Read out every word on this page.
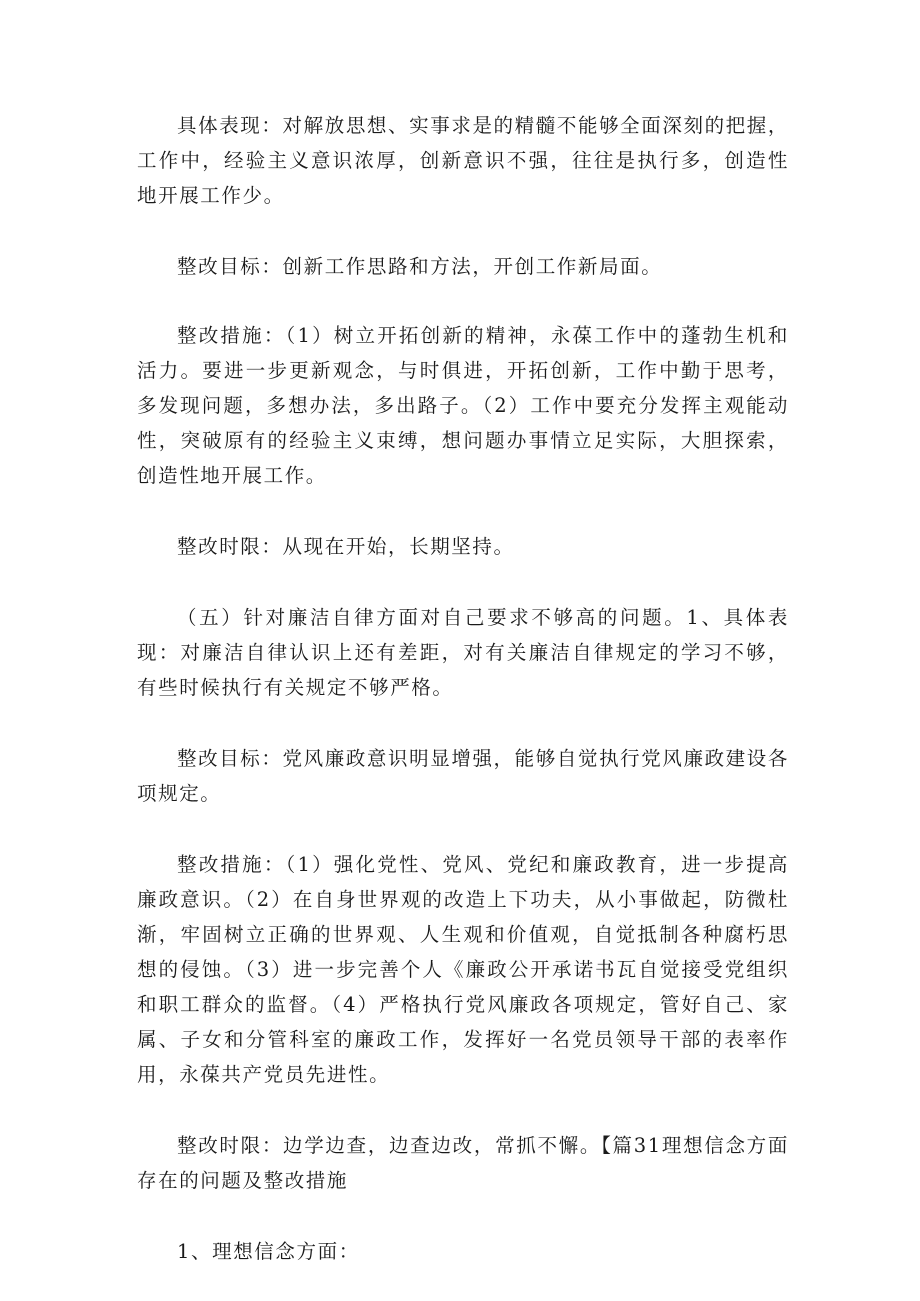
具体表现：对解放思想、实事求是的精髓不能够全面深刻的把握，工作中，经验主义意识浓厚，创新意识不强，往往是执行多，创造性地开展工作少。

整改目标：创新工作思路和方法，开创工作新局面。

整改措施：（1）树立开拓创新的精神，永葆工作中的蓬勃生机和活力。要进一步更新观念，与时俱进，开拓创新，工作中勤于思考，多发现问题，多想办法，多出路子。（2）工作中要充分发挥主观能动性，突破原有的经验主义束缚，想问题办事情立足实际，大胆探索，创造性地开展工作。

整改时限：从现在开始，长期坚持。

（五）针对廉洁自律方面对自己要求不够高的问题。1、具体表现：对廉洁自律认识上还有差距，对有关廉洁自律规定的学习不够，有些时候执行有关规定不够严格。

整改目标：党风廉政意识明显增强，能够自觉执行党风廉政建设各项规定。

整改措施：（1）强化党性、党风、党纪和廉政教育，进一步提高廉政意识。（2）在自身世界观的改造上下功夫，从小事做起，防微杜渐，牢固树立正确的世界观、人生观和价值观，自觉抵制各种腐朽思想的侵蚀。（3）进一步完善个人《廉政公开承诺书瓦自觉接受党组织和职工群众的监督。（4）严格执行党风廉政各项规定，管好自己、家属、子女和分管科室的廉政工作，发挥好一名党员领导干部的表率作用，永葆共产党员先进性。

整改时限：边学边查，边查边改，常抓不懈。【篇31理想信念方面存在的问题及整改措施

1、理想信念方面：
